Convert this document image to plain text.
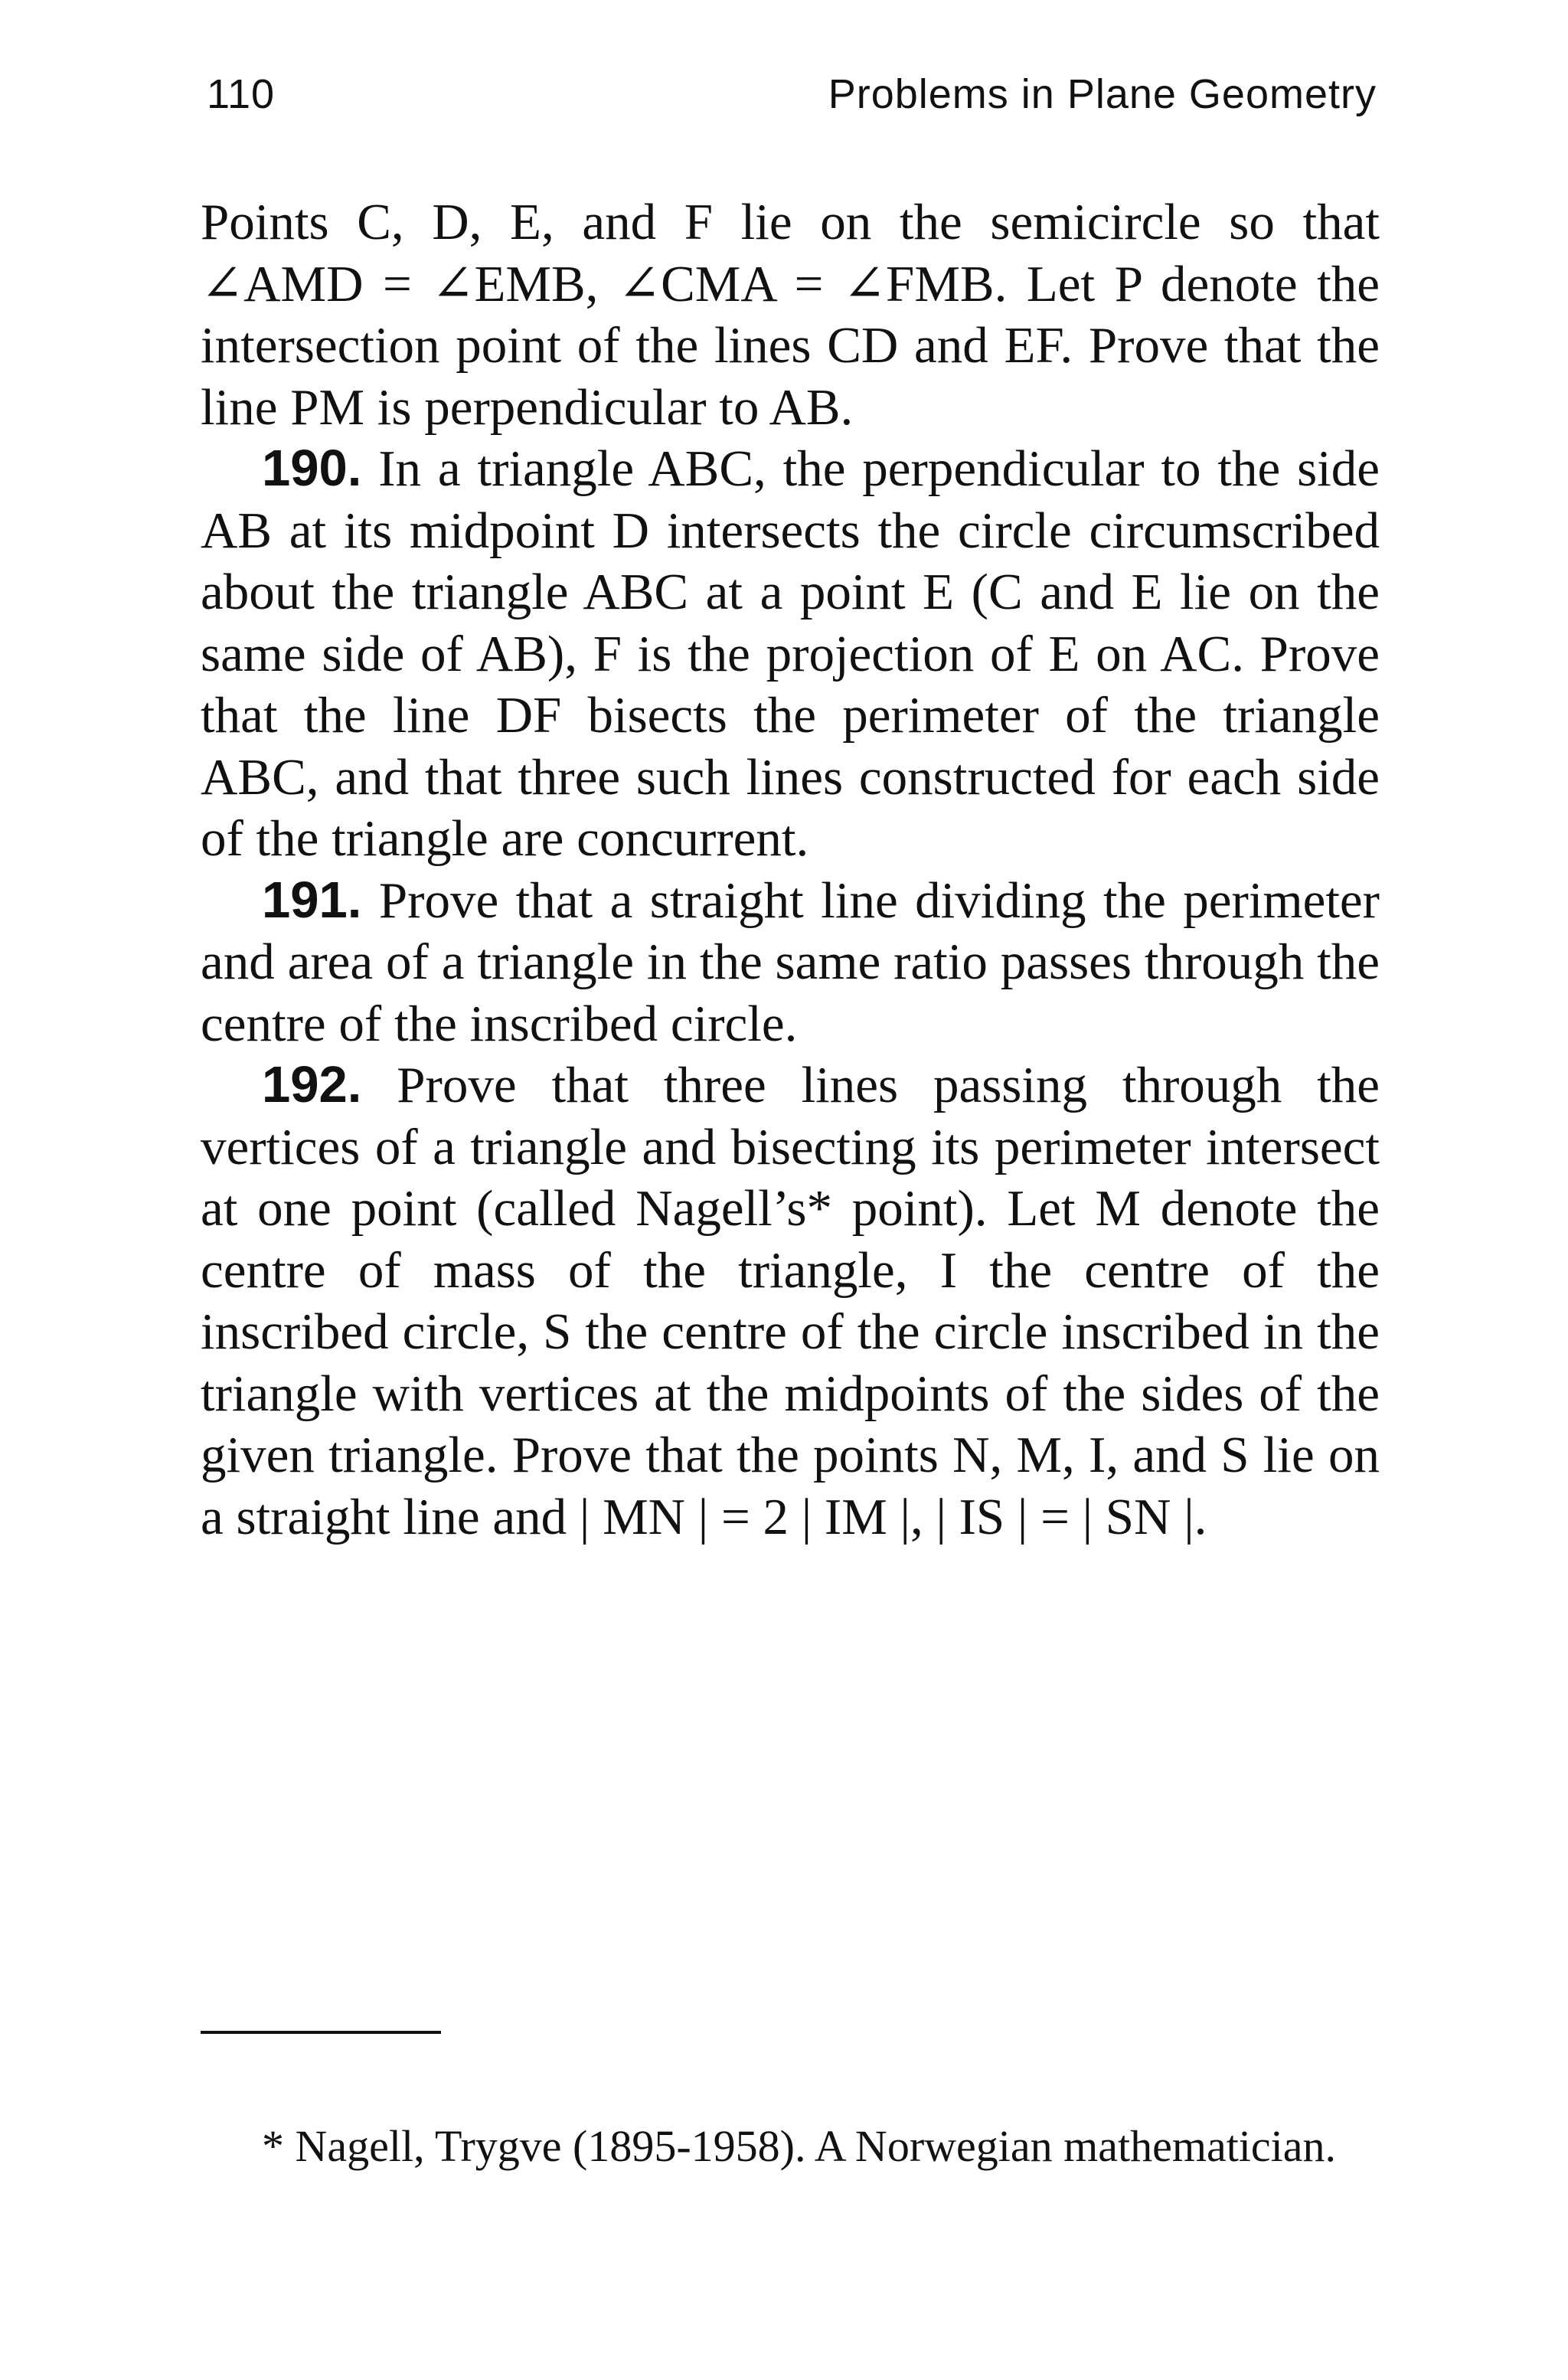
110	Problems in Plane Geometry

Points C, D, E, and F lie on the semicircle so that ∠AMD = ∠EMB, ∠CMA = ∠FMB. Let P denote the intersection point of the lines CD and EF. Prove that the line PM is perpendicular to AB.

190. In a triangle ABC, the perpendicular to the side AB at its midpoint D intersects the circle circumscribed about the triangle ABC at a point E (C and E lie on the same side of AB), F is the projection of E on AC. Prove that the line DF bisects the perimeter of the triangle ABC, and that three such lines constructed for each side of the triangle are concurrent.

191. Prove that a straight line dividing the perimeter and area of a triangle in the same ratio passes through the centre of the inscribed circle.

192. Prove that three lines passing through the vertices of a triangle and bisecting its perimeter intersect at one point (called Nagell’s* point). Let M denote the centre of mass of the triangle, I the centre of the inscribed circle, S the centre of the circle inscribed in the triangle with vertices at the midpoints of the sides of the given triangle. Prove that the points N, M, I, and S lie on a straight line and | MN | = 2 | IM |, | IS | = | SN |.

* Nagell, Trygve (1895-1958). A Norwegian mathematician.
